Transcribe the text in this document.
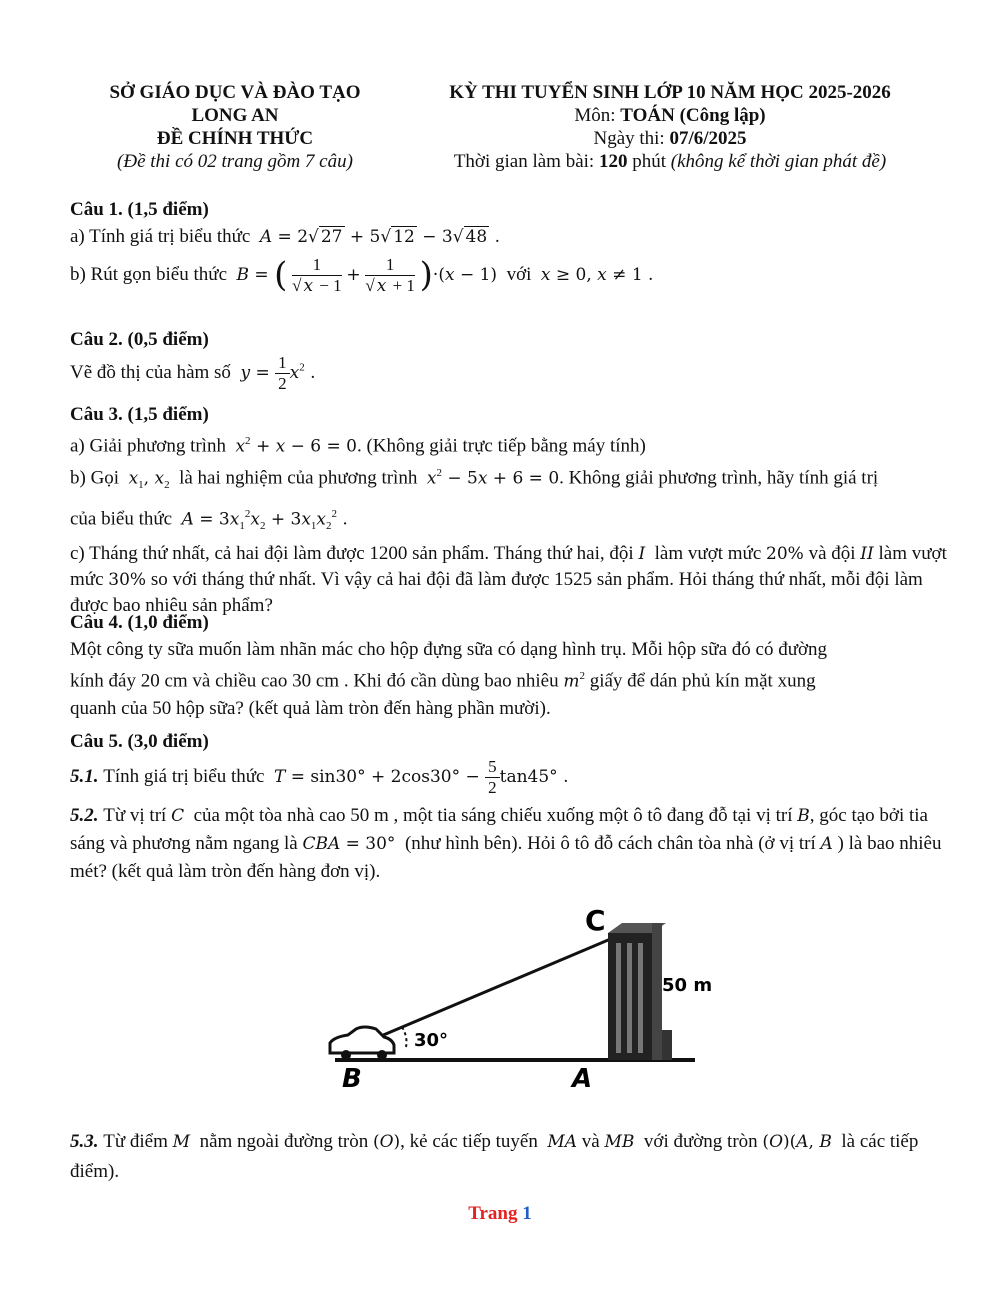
SỞ GIÁO DỤC VÀ ĐÀO TẠO
LONG AN
ĐỀ CHÍNH THỨC
(Đề thi có 02 trang gồm 7 câu)
KỲ THI TUYỂN SINH LỚP 10 NĂM HỌC 2025-2026
Môn: TOÁN (Công lập)
Ngày thi: 07/6/2025
Thời gian làm bài: 120 phút (không kể thời gian phát đề)
Câu 1. (1,5 điểm)
a) Tính giá trị biểu thức A = 2√ 27 + 5√ 12 − 3√ 48 .
b) Rút gọn biểu thức B = ( $\frac{1}{√ x - 1} + \frac{1}{√ x + 1} )\cdot(x - 1)$ với x ≥ 0, x ≠ 1 .
Câu 2. (0,5 điểm)
Vẽ đồ thị của hàm số $y = \frac{1}{2} x^2$ .
Câu 3. (1,5 điểm)
a) Giải phương trình $x^2 + x - 6 = 0$. (Không giải trực tiếp bằng máy tính)
b) Gọi $x_1$, $x_2$ là hai nghiệm của phương trình $x^2 - 5x + 6 = 0$. Không giải phương trình, hãy tính giá trị
của biểu thức $A = 3x_1^2x_2 + 3x_1x_2^2$ .
c) Tháng thứ nhất, cả hai đội làm được 1200 sản phẩm. Tháng thứ hai, đội I làm vượt mức 20% và đội II làm vượt mức 30% so với tháng thứ nhất. Vì vậy cả hai đội đã làm được 1525 sản phẩm. Hỏi tháng thứ nhất, mỗi đội làm được bao nhiêu sản phẩm?
Câu 4. (1,0 điểm)
Một công ty sữa muốn làm nhãn mác cho hộp đựng sữa có dạng hình trụ. Mỗi hộp sữa đó có đường
kính đáy 20 cm và chiều cao 30 cm . Khi đó cần dùng bao nhiêu $m^2$ giấy để dán phủ kín mặt xung
quanh của 50 hộp sữa? (kết quả làm tròn đến hàng phần mười).
Câu 5. (3,0 điểm)
5.1. Tính giá trị biểu thức $T = \sin 30^\circ + 2\cos 30^\circ - \frac{5}{2} \tan 45^\circ$ .
5.2. Từ vị trí C của một tòa nhà cao 50 m , một tia sáng chiếu xuống một ô tô đang đỗ tại vị trí B, góc tạo bởi tia sáng và phương nằm ngang là CBA = 30° (như hình bên). Hỏi ô tô đỗ cách chân tòa nhà (ở vị trí A ) là bao nhiêu mét? (kết quả làm tròn đến hàng đơn vị).
30°
C
B	A
50 m
5.3. Từ điểm M nằm ngoài đường tròn (O), kẻ các tiếp tuyến MA và MB với đường tròn (O)(A, B là các tiếp điểm).
Trang 1
